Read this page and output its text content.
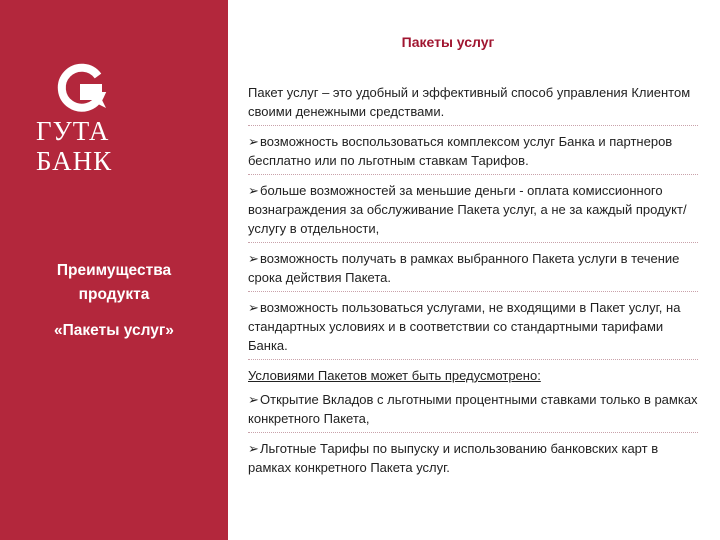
ГУТА
БАНК
Преимущества
продукта
«Пакеты услуг»
Пакеты услуг

Пакет услуг – это удобный и эффективный способ управления Клиентом своими денежными средствами.

➢возможность воспользоваться комплексом услуг Банка и партнеров бесплатно или по льготным ставкам Тарифов.

➢больше возможностей за меньшие деньги - оплата комиссионного вознаграждения за обслуживание Пакета услуг, а не за каждый продукт/услугу в отдельности,

➢возможность получать в рамках выбранного Пакета услуги в течение срока действия Пакета.

➢возможность пользоваться услугами, не входящими в Пакет услуг, на стандартных условиях и в соответствии со стандартными тарифами Банка.

Условиями Пакетов может быть предусмотрено:

➢Открытие Вкладов с льготными процентными ставками только в рамках конкретного Пакета,

➢Льготные Тарифы по выпуску и использованию банковских карт в рамках конкретного Пакета услуг.
